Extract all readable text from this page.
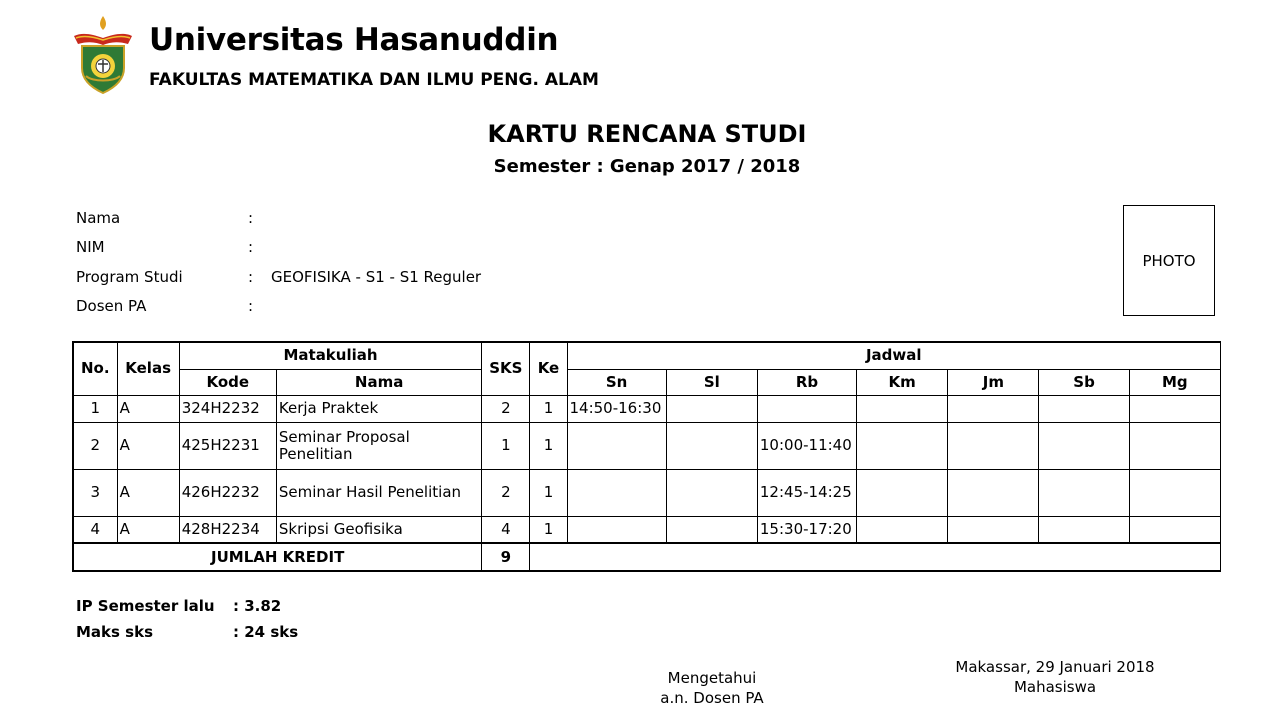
Universitas Hasanuddin
FAKULTAS MATEMATIKA DAN ILMU PENG. ALAM
KARTU RENCANA STUDI
Semester : Genap 2017 / 2018
Nama	:
NIM	:
Program Studi	: GEOFISIKA - S1 - S1 Reguler
Dosen PA	:
PHOTO
No.	Kelas	Matakuliah		SKS	Ke	Jadwal						
		Kode	Nama			Sn	Sl	Rb	Km	Jm	Sb	Mg
1	A	324H2232	Kerja Praktek	2	1	14:50-16:30						
2	A	425H2231	Seminar Proposal Penelitian	1	1			10:00-11:40				
3	A	426H2232	Seminar Hasil Penelitian	2	1			12:45-14:25				
4	A	428H2234	Skripsi Geofisika	4	1			15:30-17:20				
JUMLAH KREDIT				9								
IP Semester lalu : 3.82
Maks sks	: 24 sks
Mengetahui
a.n. Dosen PA
Makassar, 29 Januari 2018
Mahasiswa
